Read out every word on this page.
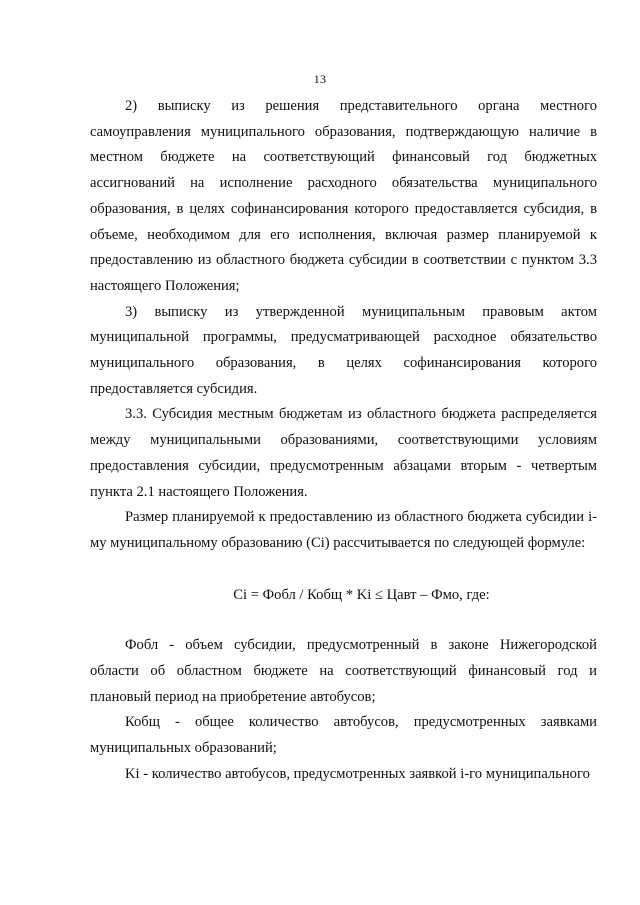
13

2) выписку из решения представительного органа местного самоуправления муниципального образования, подтверждающую наличие в местном бюджете на соответствующий финансовый год бюджетных ассигнований на исполнение расходного обязательства муниципального образования, в целях софинансирования которого предоставляется субсидия, в объеме, необходимом для его исполнения, включая размер планируемой к предоставлению из областного бюджета субсидии в соответствии с пунктом 3.3 настоящего Положения;

3) выписку из утвержденной муниципальным правовым актом муниципальной программы, предусматривающей расходное обязательство муниципального образования, в целях софинансирования которого предоставляется субсидия.

3.3. Субсидия местным бюджетам из областного бюджета распределяется между муниципальными образованиями, соответствующими условиям предоставления субсидии, предусмотренным абзацами вторым - четвертым пункта 2.1 настоящего Положения.

Размер планируемой к предоставлению из областного бюджета субсидии i-му муниципальному образованию (Ci) рассчитывается по следующей формуле:

Ci = Фобл / Кобщ * Ki ≤ Цавт – Фмо, где:

Фобл - объем субсидии, предусмотренный в законе Нижегородской области об областном бюджете на соответствующий финансовый год и плановый период на приобретение автобусов;

Кобщ - общее количество автобусов, предусмотренных заявками муниципальных образований;

Ki - количество автобусов, предусмотренных заявкой i-го муниципального
